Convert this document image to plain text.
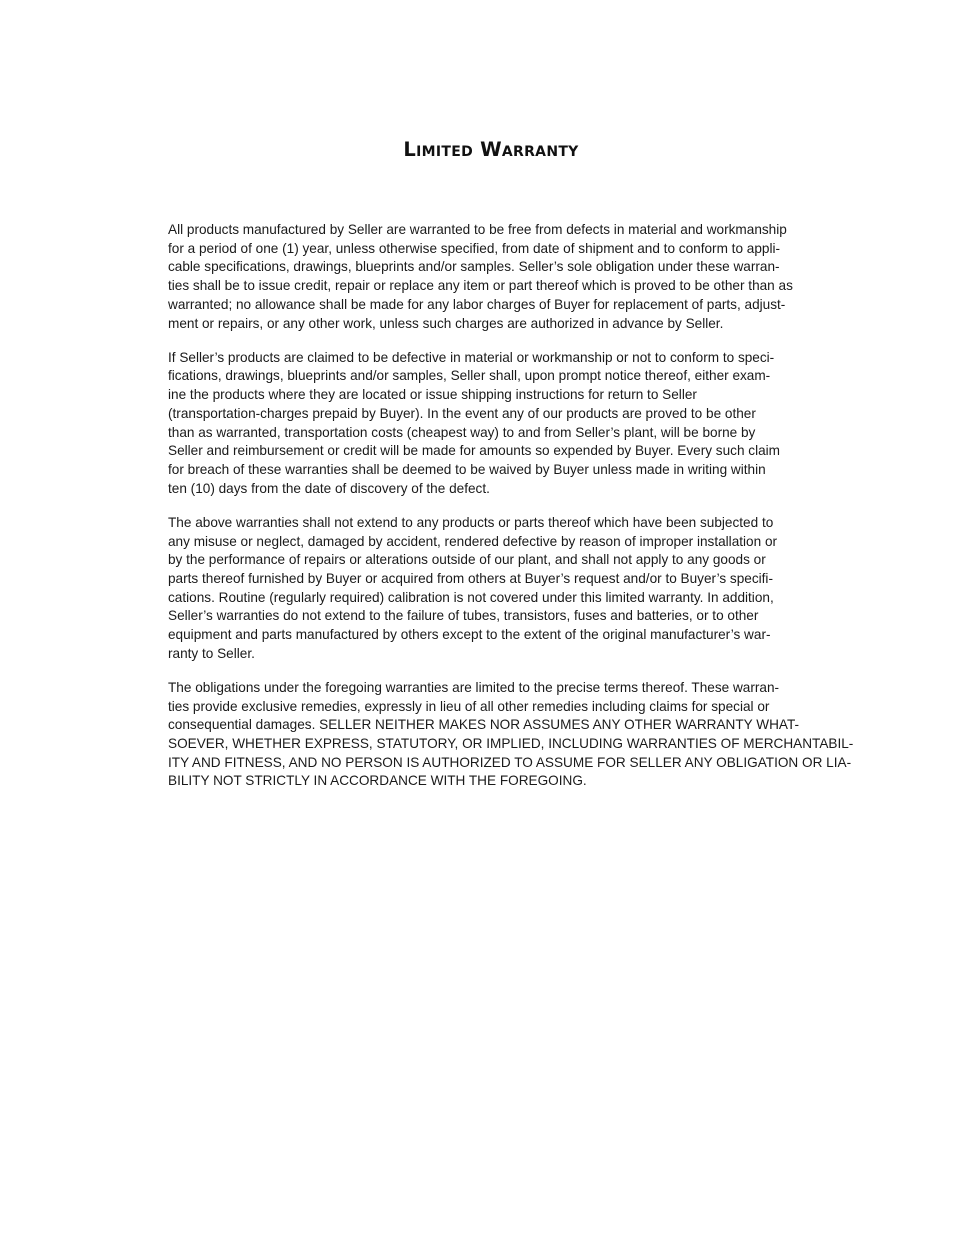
Limited Warranty

All products manufactured by Seller are warranted to be free from defects in material and workmanship
for a period of one (1) year, unless otherwise specified, from date of shipment and to conform to appli-
cable specifications, drawings, blueprints and/or samples. Seller’s sole obligation under these warran-
ties shall be to issue credit, repair or replace any item or part thereof which is proved to be other than as
warranted; no allowance shall be made for any labor charges of Buyer for replacement of parts, adjust-
ment or repairs, or any other work, unless such charges are authorized in advance by Seller.

If Seller’s products are claimed to be defective in material or workmanship or not to conform to speci-
fications, drawings, blueprints and/or samples, Seller shall, upon prompt notice thereof, either exam-
ine the products where they are located or issue shipping instructions for return to Seller
(transportation-charges prepaid by Buyer). In the event any of our products are proved to be other
than as warranted, transportation costs (cheapest way) to and from Seller’s plant, will be borne by
Seller and reimbursement or credit will be made for amounts so expended by Buyer. Every such claim
for breach of these warranties shall be deemed to be waived by Buyer unless made in writing within
ten (10) days from the date of discovery of the defect.

The above warranties shall not extend to any products or parts thereof which have been subjected to
any misuse or neglect, damaged by accident, rendered defective by reason of improper installation or
by the performance of repairs or alterations outside of our plant, and shall not apply to any goods or
parts thereof furnished by Buyer or acquired from others at Buyer’s request and/or to Buyer’s specifi-
cations. Routine (regularly required) calibration is not covered under this limited warranty. In addition,
Seller’s warranties do not extend to the failure of tubes, transistors, fuses and batteries, or to other
equipment and parts manufactured by others except to the extent of the original manufacturer’s war-
ranty to Seller.

The obligations under the foregoing warranties are limited to the precise terms thereof. These warran-
ties provide exclusive remedies, expressly in lieu of all other remedies including claims for special or
consequential damages. SELLER NEITHER MAKES NOR ASSUMES ANY OTHER WARRANTY WHAT-
SOEVER, WHETHER EXPRESS, STATUTORY, OR IMPLIED, INCLUDING WARRANTIES OF MERCHANTABIL-
ITY AND FITNESS, AND NO PERSON IS AUTHORIZED TO ASSUME FOR SELLER ANY OBLIGATION OR LIA-
BILITY NOT STRICTLY IN ACCORDANCE WITH THE FOREGOING.
